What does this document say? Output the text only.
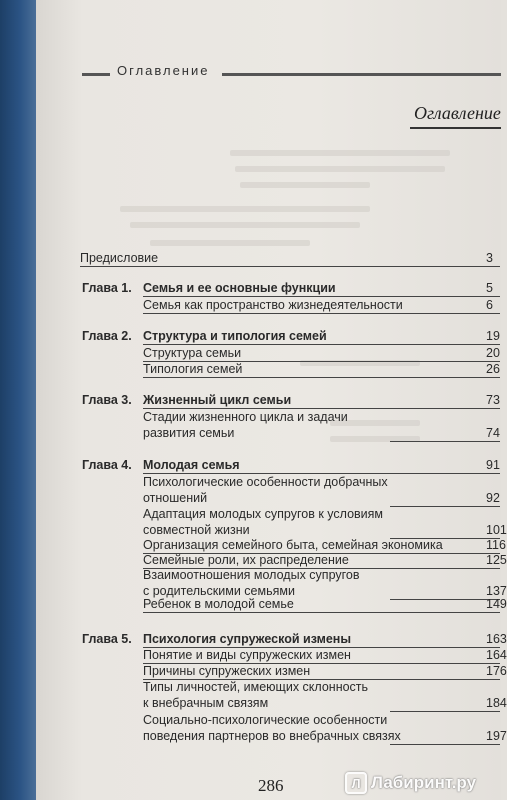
Оглавление
Оглавление
Предисловие	3
Глава 1. Семья и ее основные функции	5
Семья как пространство жизнедеятельности	6
Глава 2. Структура и типология семей	19
Структура семьи	20
Типология семей	26
Глава 3. Жизненный цикл семьи	73
Стадии жизненного цикла и задачи
развития семьи	74
Глава 4. Молодая семья	91
Психологические особенности добрачных
отношений	92
Адаптация молодых супругов к условиям
совместной жизни	101
Организация семейного быта, семейная экономика	116
Семейные роли, их распределение	125
Взаимоотношения молодых супругов
с родительскими семьями	137
Ребенок в молодой семье	149
Глава 5. Психология супружеской измены	163
Понятие и виды супружеских измен	164
Причины супружеских измен	176
Типы личностей, имеющих склонность
к внебрачным связям	184
Социально-психологические особенности
поведения партнеров во внебрачных связях	197
286	Л Лабиринт.ру
